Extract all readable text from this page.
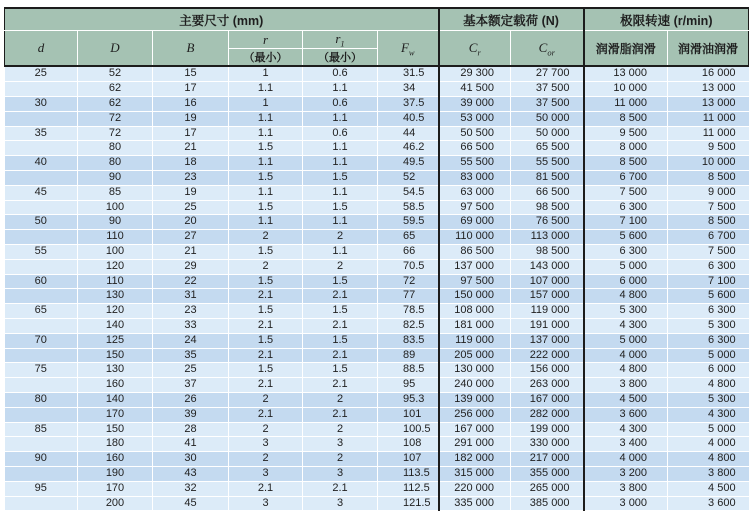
主要尺寸 (mm)						基本额定载荷 (N)		极限转速 (r/min)	
d	D	B	r	$r_1$	$F_w$	$C_r$	$C_{or}$	润滑脂润滑	润滑油润滑
			（最小）	（最小）					
25	52	15	1	0.6	31.5	29 300	27 700	13 000	16 000
	62	17	1.1	1.1	34	41 500	37 500	10 000	13 000
30	62	16	1	0.6	37.5	39 000	37 500	11 000	13 000
	72	19	1.1	1.1	40.5	53 000	50 000	8 500	11 000
35	72	17	1.1	0.6	44	50 500	50 000	9 500	11 000
	80	21	1.5	1.1	46.2	66 500	65 500	8 000	9 500
40	80	18	1.1	1.1	49.5	55 500	55 500	8 500	10 000
	90	23	1.5	1.5	52	83 000	81 500	6 700	8 500
45	85	19	1.1	1.1	54.5	63 000	66 500	7 500	9 000
	100	25	1.5	1.5	58.5	97 500	98 500	6 300	7 500
50	90	20	1.1	1.1	59.5	69 000	76 500	7 100	8 500
	110	27	2	2	65	110 000	113 000	5 600	6 700
55	100	21	1.5	1.1	66	86 500	98 500	6 300	7 500
	120	29	2	2	70.5	137 000	143 000	5 000	6 300
60	110	22	1.5	1.5	72	97 500	107 000	6 000	7 100
	130	31	2.1	2.1	77	150 000	157 000	4 800	5 600
65	120	23	1.5	1.5	78.5	108 000	119 000	5 300	6 300
	140	33	2.1	2.1	82.5	181 000	191 000	4 300	5 300
70	125	24	1.5	1.5	83.5	119 000	137 000	5 000	6 300
	150	35	2.1	2.1	89	205 000	222 000	4 000	5 000
75	130	25	1.5	1.5	88.5	130 000	156 000	4 800	6 000
	160	37	2.1	2.1	95	240 000	263 000	3 800	4 800
80	140	26	2	2	95.3	139 000	167 000	4 500	5 300
	170	39	2.1	2.1	101	256 000	282 000	3 600	4 300
85	150	28	2	2	100.5	167 000	199 000	4 300	5 000
	180	41	3	3	108	291 000	330 000	3 400	4 000
90	160	30	2	2	107	182 000	217 000	4 000	4 800
	190	43	3	3	113.5	315 000	355 000	3 200	3 800
95	170	32	2.1	2.1	112.5	220 000	265 000	3 800	4 500
	200	45	3	3	121.5	335 000	385 000	3 000	3 600
